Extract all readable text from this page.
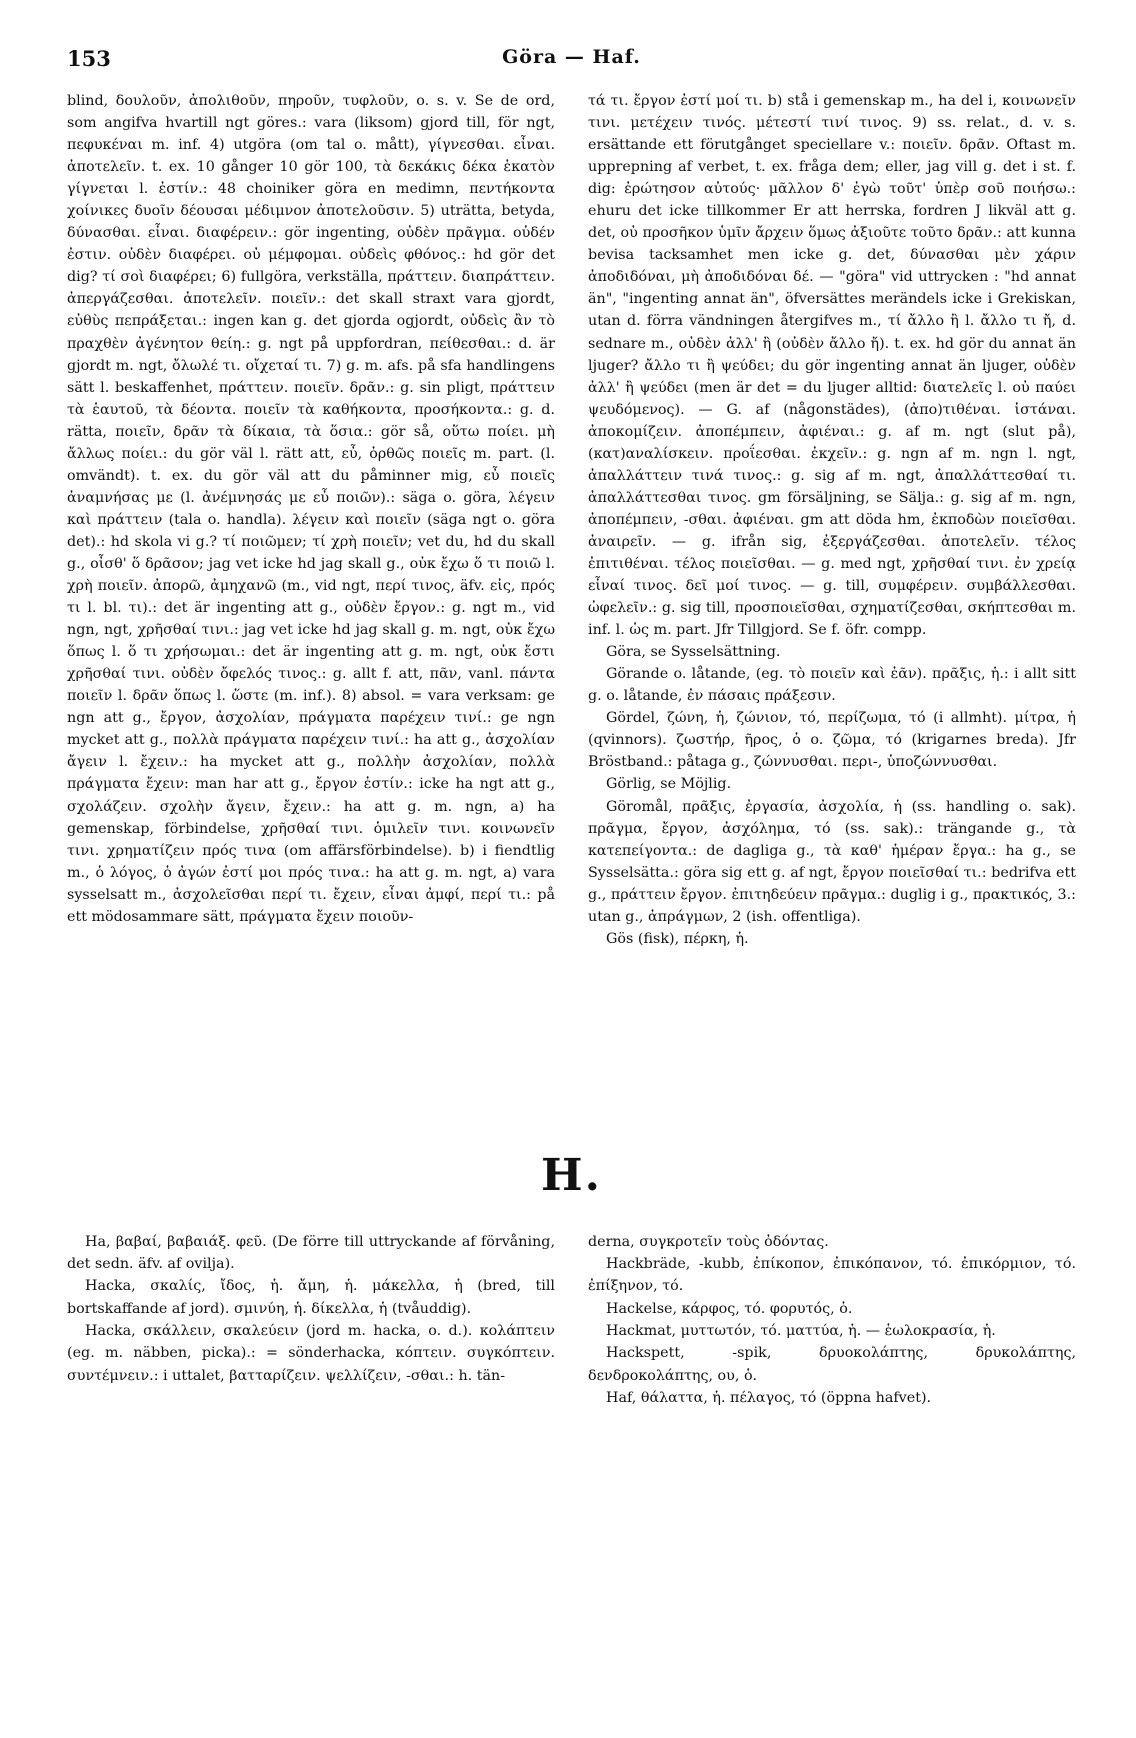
153	Göra — Haf.

blind, δουλοῦν, ἀπολιθοῦν, πηροῦν, τυφλοῦν, o. s. v. Se de ord, som angifva hvartill ngt göres.: vara (liksom) gjord till, för ngt, πεφυκέναι m. inf. 4) utgöra (om tal o. mått), γίγνεσθαι. εἶναι. ἀποτελεῖν. t. ex. 10 gånger 10 gör 100, τὰ δεκάκις δέκα ἑκατὸν γίγνεται l. ἐστίν.: 48 choiniker göra en medimn, πεντήκοντα χοίνικες δυοῖν δέουσαι μέδιμνον ἀποτελοῦσιν. 5) uträtta, betyda, δύνασθαι. εἶναι. διαφέρειν.: gör ingenting, οὐδὲν πρᾶγμα. οὐδέν ἐστιν. οὐδὲν διαφέρει. οὐ μέμφομαι. οὐδεὶς φθόνος.: hd gör det dig? τί σοὶ διαφέρει; 6) fullgöra, verkställa, πράττειν. διαπράττειν. ἀπεργάζεσθαι. ἀποτελεῖν. ποιεῖν.: det skall straxt vara gjordt, εὐθὺς πεπράξεται.: ingen kan g. det gjorda ogjordt, οὐδεὶς ἂν τὸ πραχθὲν ἀγένητον θείη.: g. ngt på uppfordran, πείθεσθαι.: d. är gjordt m. ngt, ὄλωλέ τι. οἴχεταί τι. 7) g. m. afs. på sfa handlingens sätt l. beskaffenhet, πράττειν. ποιεῖν. δρᾶν.: g. sin pligt, πράττειν τὰ ἑαυτοῦ, τὰ δέοντα. ποιεῖν τὰ καθήκοντα, προσήκοντα.: g. d. rätta, ποιεῖν, δρᾶν τὰ δίκαια, τὰ ὅσια.: gör så, οὕτω ποίει. μὴ ἄλλως ποίει.: du gör väl l. rätt att, εὖ, ὀρθῶς ποιεῖς m. part. (l. omvändt). t. ex. du gör väl att du påminner mig, εὖ ποιεῖς ἀναμνήσας με (l. ἀνέμνησάς με εὖ ποιῶν).: säga o. göra, λέγειν καὶ πράττειν (tala o. handla). λέγειν καὶ ποιεῖν (säga ngt o. göra det).: hd skola vi g.? τί ποιῶμεν; τί χρὴ ποιεῖν; vet du, hd du skall g., οἶσθ' ὅ δρᾶσον; jag vet icke hd jag skall g., οὐκ ἔχω ὅ τι ποιῶ l. χρὴ ποιεῖν. ἀπορῶ, ἀμηχανῶ (m., vid ngt, περί τινος, äfv. εἰς, πρός τι l. bl. τι).: det är ingenting att g., οὐδὲν ἔργον.: g. ngt m., vid ngn, ngt, χρῆσθαί τινι.: jag vet icke hd jag skall g. m. ngt, οὐκ ἔχω ὅπως l. ὅ τι χρήσωμαι.: det är ingenting att g. m. ngt, οὐκ ἔστι χρῆσθαί τινι. οὐδὲν ὄφελός τινος.: g. allt f. att, πᾶν, vanl. πάντα ποιεῖν l. δρᾶν ὅπως l. ὥστε (m. inf.). 8) absol. = vara verksam: ge ngn att g., ἔργον, ἀσχολίαν, πράγματα παρέχειν τινί.: ge ngn mycket att g., πολλὰ πράγματα παρέχειν τινί.: ha att g., ἀσχολίαν ἄγειν l. ἔχειν.: ha mycket att g., πολλὴν ἀσχολίαν, πολλὰ πράγματα ἔχειν: man har att g., ἔργον ἐστίν.: icke ha ngt att g., σχολάζειν. σχολὴν ἄγειν, ἔχειν.: ha att g. m. ngn, a) ha gemenskap, förbindelse, χρῆσθαί τινι. ὁμιλεῖν τινι. κοινωνεῖν τινι. χρηματίζειν πρός τινα (om affärsförbindelse). b) i fiendtlig m., ὁ λόγος, ὁ ἀγών ἐστί μοι πρός τινα.: ha att g. m. ngt, a) vara sysselsatt m., ἀσχολεῖσθαι περί τι. ἔχειν, εἶναι ἀμφί, περί τι.: på ett mödosammare sätt, πράγματα ἔχειν ποιοῦν-

τά τι. ἔργον ἐστί μοί τι. b) stå i gemenskap m., ha del i, κοινωνεῖν τινι. μετέχειν τινός. μέτεστί τινί τινος. 9) ss. relat., d. v. s. ersättande ett förutgånget speciellare v.: ποιεῖν. δρᾶν. Oftast m. upprepning af verbet, t. ex. fråga dem; eller, jag vill g. det i st. f. dig: ἐρώτησον αὐτούς· μᾶλλον δ' ἐγὼ τοῦτ' ὑπὲρ σοῦ ποιήσω.: ehuru det icke tillkommer Er att herrska, fordren J likväl att g. det, οὐ προσῆκον ὑμῖν ἄρχειν ὅμως ἀξιοῦτε τοῦτο δρᾶν.: att kunna bevisa tacksamhet men icke g. det, δύνασθαι μὲν χάριν ἀποδιδόναι, μὴ ἀποδιδόναι δέ. — "göra" vid uttrycken : "hd annat än", "ingenting annat än", öfversättes merändels icke i Grekiskan, utan d. förra vändningen återgifves m., τί ἄλλο ἢ l. ἄλλο τι ἤ, d. sednare m., οὐδὲν ἀλλ' ἢ (οὐδὲν ἄλλο ἤ). t. ex. hd gör du annat än ljuger? ἄλλο τι ἢ ψεύδει; du gör ingenting annat än ljuger, οὐδὲν ἀλλ' ἢ ψεύδει (men är det = du ljuger alltid: διατελεῖς l. οὐ παύει ψευδόμενος). — G. af (någonstädes), (ἀπο)τιθέναι. ἱστάναι. ἀποκομίζειν. ἀποπέμπειν, ἀφιέναι.: g. af m. ngt (slut på), (κατ)αναλίσκειν. προΐεσθαι. ἐκχεῖν.: g. ngn af m. ngn l. ngt, ἀπαλλάττειν τινά τινος.: g. sig af m. ngt, ἀπαλλάττεσθαί τι. ἀπαλλάττεσθαι τινος. gm försäljning, se Sälja.: g. sig af m. ngn, ἀποπέμπειν, -σθαι. ἀφιέναι. gm att döda hm, ἐκποδὼν ποιεῖσθαι. ἀναιρεῖν. — g. ifrån sig, ἐξεργάζεσθαι. ἀποτελεῖν. τέλος ἐπιτιθέναι. τέλος ποιεῖσθαι. — g. med ngt, χρῆσθαί τινι. ἐν χρείᾳ εἶναί τινος. δεῖ μοί τινος. — g. till, συμφέρειν. συμβάλλεσθαι. ὠφελεῖν.: g. sig till, προσποιεῖσθαι, σχηματίζεσθαι, σκήπτεσθαι m. inf. l. ὡς m. part. Jfr Tillgjord. Se f. öfr. compp.

Göra, se Sysselsättning.

Görande o. låtande, (eg. τὸ ποιεῖν καὶ ἐᾶν). πρᾶξις, ἡ.: i allt sitt g. o. låtande, ἐν πάσαις πράξεσιν.

Gördel, ζώνη, ἡ, ζώνιον, τό, περίζωμα, τό (i allmht). μίτρα, ἡ (qvinnors). ζωστήρ, ῆρος, ὁ o. ζῶμα, τό (krigarnes breda). Jfr Bröstband.: påtaga g., ζώννυσθαι. περι-, ὑποζώννυσθαι.

Görlig, se Möjlig.

Göromål, πρᾶξις, ἐργασία, ἀσχολία, ἡ (ss. handling o. sak). πρᾶγμα, ἔργον, ἀσχόλημα, τό (ss. sak).: trängande g., τὰ κατεπείγοντα.: de dagliga g., τὰ καθ' ἡμέραν ἔργα.: ha g., se Sysselsätta.: göra sig ett g. af ngt, ἔργον ποιεῖσθαί τι.: bedrifva ett g., πράττειν ἔργον. ἐπιτηδεύειν πρᾶγμα.: duglig i g., πρακτικός, 3.: utan g., ἀπράγμων, 2 (ish. offentliga).

Gös (fisk), πέρκη, ἡ.

H.

Ha, βαβαί, βαβαιάξ. φεῦ. (De förre till uttryckande af förvåning, det sedn. äfv. af ovilja).

Hacka, σκαλίς, ἴδος, ἡ. ἄμη, ἡ. μάκελλα, ἡ (bred, till bortskaffande af jord). σμινύη, ἡ. δίκελλα, ἡ (tvåuddig).

Hacka, σκάλλειν, σκαλεύειν (jord m. hacka, o. d.). κολάπτειν (eg. m. näbben, picka).: = sönderhacka, κόπτειν. συγκόπτειν. συντέμνειν.: i uttalet, βατταρίζειν. ψελλίζειν, -σθαι.: h. tän-

derna, συγκροτεῖν τοὺς ὀδόντας.

Hackbräde, -kubb, ἐπίκοπον, ἐπικόπανον, τό. ἐπικόρμιον, τό. ἐπίξηνον, τό.

Hackelse, κάρφος, τό. φορυτός, ὁ.

Hackmat, μυττωτόν, τό. ματτύα, ἡ. — ἑωλοκρασία, ἡ.

Hackspett, -spik, δρυοκολάπτης, δρυκολάπτης, δενδροκολάπτης, ου, ὁ.

Haf, θάλαττα, ἡ. πέλαγος, τό (öppna hafvet).
